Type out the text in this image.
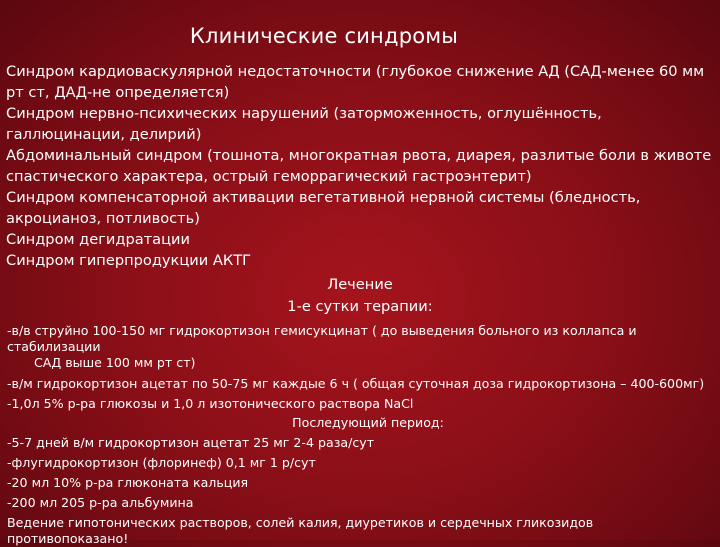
Клинические синдромы

Синдром кардиоваскулярной недостаточности (глубокое снижение АД (САД-менее 60 мм рт ст, ДАД-не определяется)

Синдром нервно-психических нарушений (заторможенность, оглушённость, галлюцинации, делирий)

Абдоминальный синдром (тошнота, многократная рвота, диарея, разлитые боли в животе спастического характера, острый геморрагический гастроэнтерит)

Синдром компенсаторной активации вегетативной нервной системы (бледность, акроцианоз, потливость)

Синдром дегидратации

Синдром гиперпродукции АКТГ

Лечение
1-е сутки терапии:
-в/в струйно 100-150 мг гидрокортизон гемисукцинат ( до выведения больного из коллапса и стабилизации
САД выше 100 мм рт ст)
-в/м гидрокортизон ацетат по 50-75 мг каждые 6 ч ( общая суточная доза гидрокортизона – 400-600мг)
-1,0л 5% р-ра глюкозы и 1,0 л изотонического раствора NaCl
Последующий период:
-5-7 дней в/м гидрокортизон ацетат 25 мг 2-4 раза/сут
-флугидрокортизон (флоринеф) 0,1 мг 1 р/сут
-20 мл 10% р-ра глюконата кальция
-200 мл 205 р-ра альбумина
Ведение гипотонических растворов, солей калия, диуретиков и сердечных гликозидов противопоказано!
